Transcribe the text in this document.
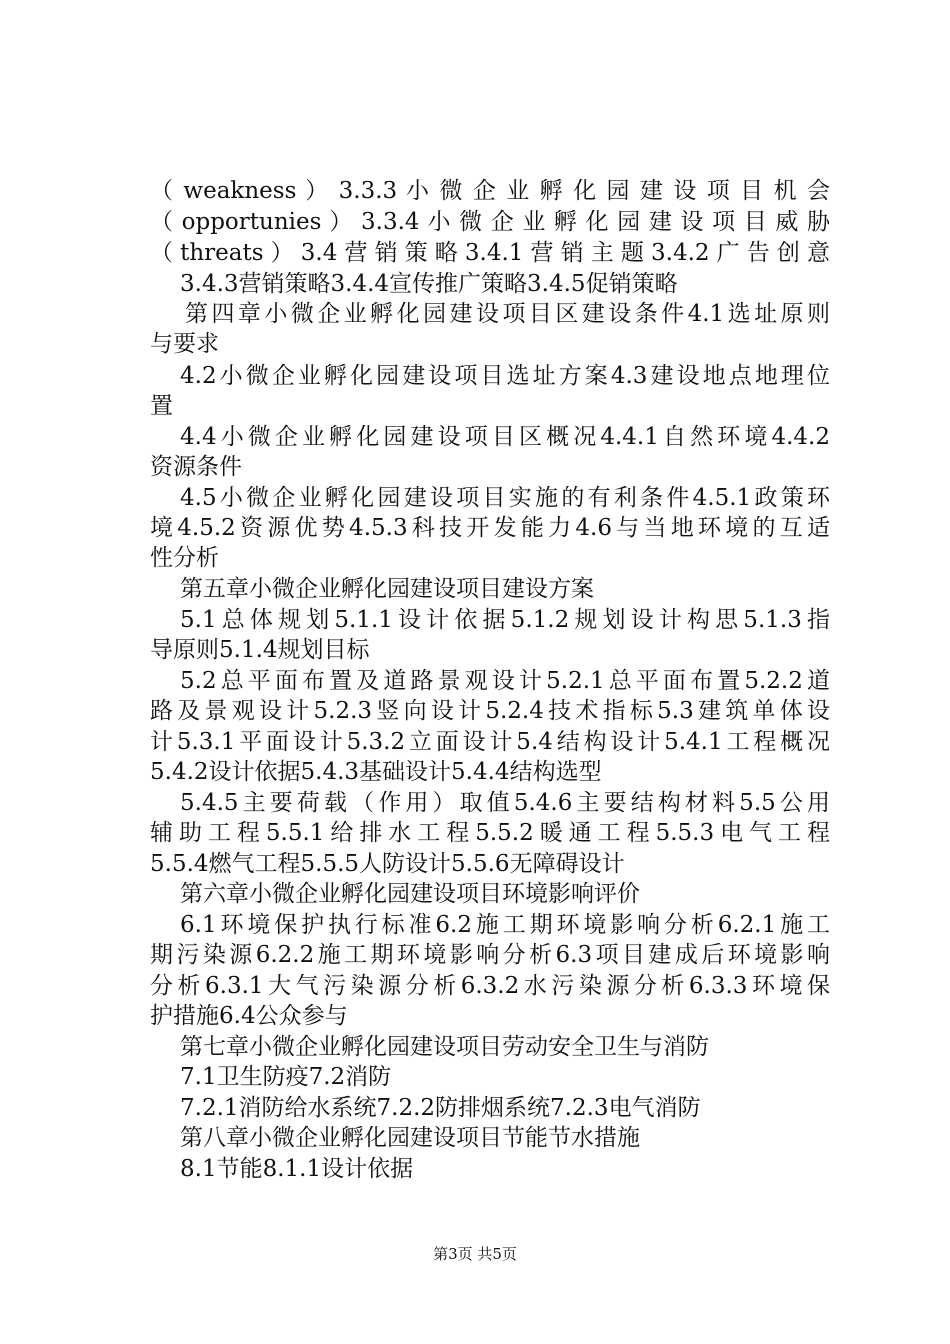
（ weakness ） 3.3.3 小 微 企 业 孵 化 园 建 设 项 目 机 会

（ opportunies ） 3.3.4 小 微 企 业 孵 化 园 建 设 项 目 威 胁

（threats）3.4营销策略3.4.1营销主题3.4.2广告创意

3.4.3营销策略3.4.4宣传推广策略3.4.5促销策略

第四章小微企业孵化园建设项目区建设条件4.1选址原则

与要求

4.2小微企业孵化园建设项目选址方案4.3建设地点地理位

置

4.4小微企业孵化园建设项目区概况4.4.1自然环境4.4.2

资源条件

4.5小微企业孵化园建设项目实施的有利条件4.5.1政策环

境4.5.2资源优势4.5.3科技开发能力4.6与当地环境的互适

性分析

第五章小微企业孵化园建设项目建设方案

5.1总体规划5.1.1设计依据5.1.2规划设计构思5.1.3指

导原则5.1.4规划目标

5.2总平面布置及道路景观设计5.2.1总平面布置5.2.2道

路及景观设计5.2.3竖向设计5.2.4技术指标5.3建筑单体设

计5.3.1平面设计5.3.2立面设计5.4结构设计5.4.1工程概况

5.4.2设计依据5.4.3基础设计5.4.4结构选型

5.4.5主要荷载（作用）取值5.4.6主要结构材料5.5公用

辅助工程5.5.1给排水工程5.5.2暖通工程5.5.3电气工程

5.5.4燃气工程5.5.5人防设计5.5.6无障碍设计

第六章小微企业孵化园建设项目环境影响评价

6.1环境保护执行标准6.2施工期环境影响分析6.2.1施工

期污染源6.2.2施工期环境影响分析6.3项目建成后环境影响

分析6.3.1大气污染源分析6.3.2水污染源分析6.3.3环境保

护措施6.4公众参与

第七章小微企业孵化园建设项目劳动安全卫生与消防

7.1卫生防疫7.2消防

7.2.1消防给水系统7.2.2防排烟系统7.2.3电气消防

第八章小微企业孵化园建设项目节能节水措施

8.1节能8.1.1设计依据

第3页 共5页
